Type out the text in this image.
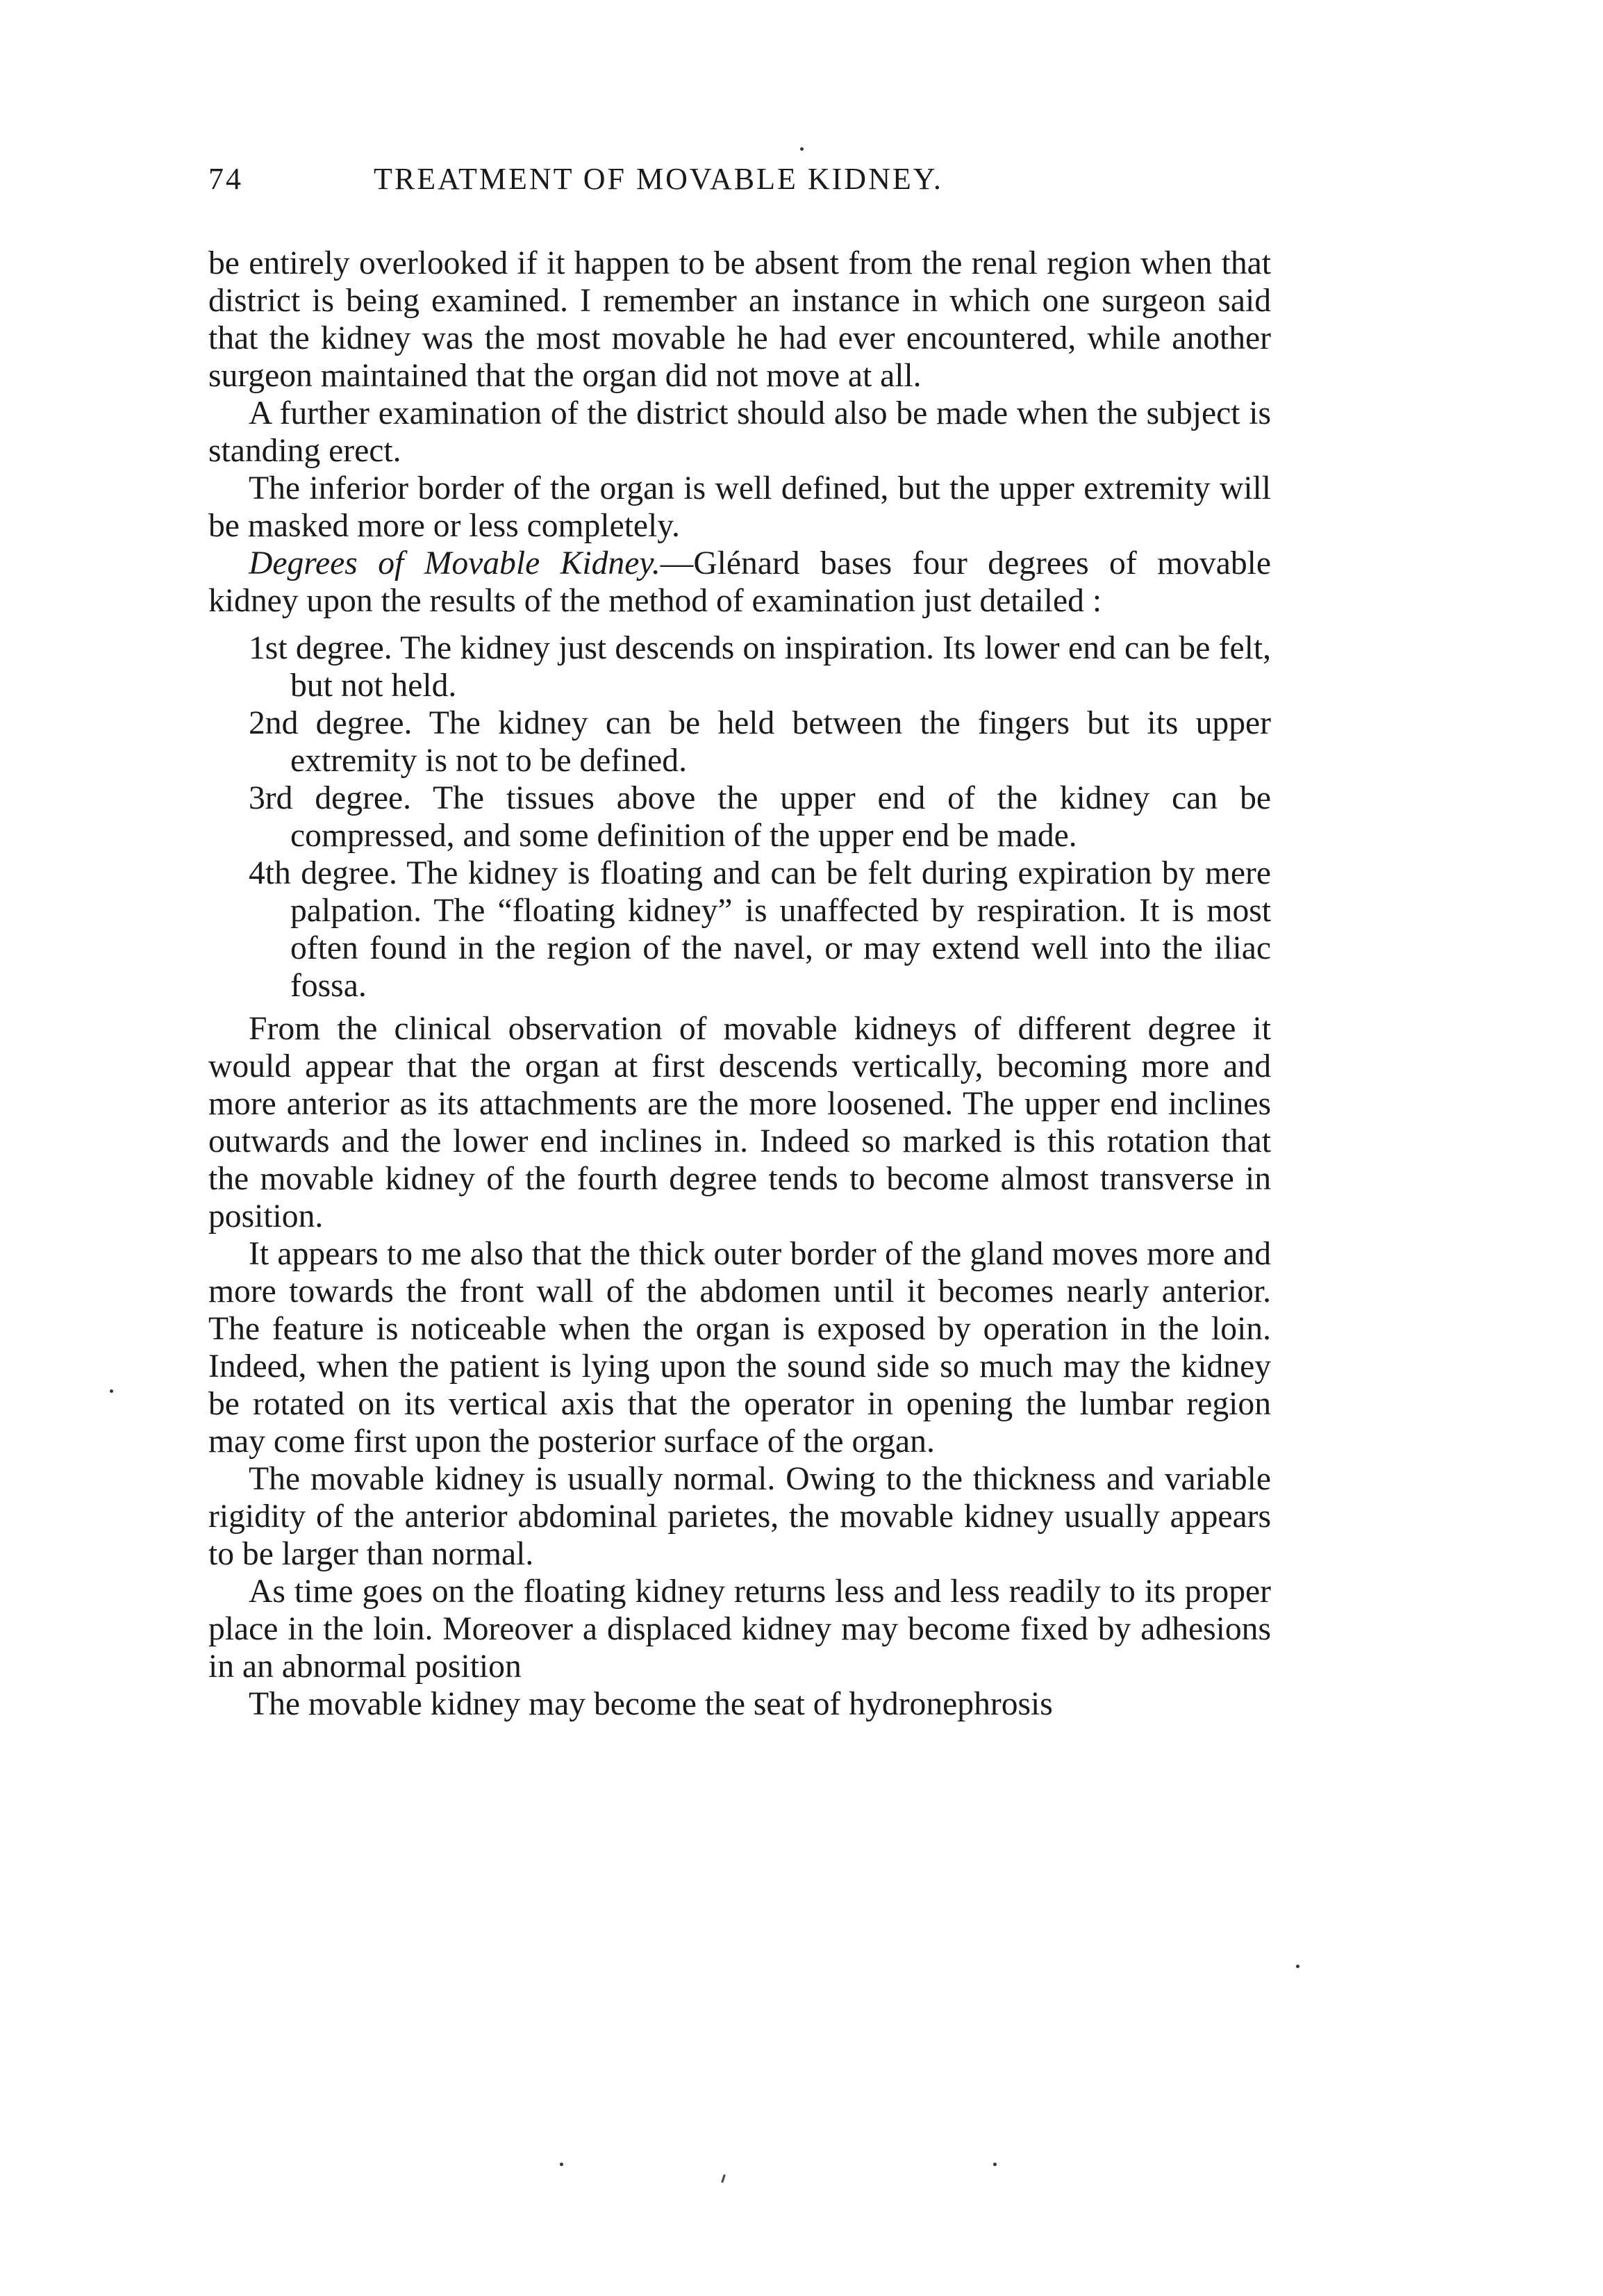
74	TREATMENT OF MOVABLE KIDNEY.

be entirely overlooked if it happen to be absent from the renal region when that district is being examined. I remember an instance in which one surgeon said that the kidney was the most movable he had ever encountered, while another surgeon maintained that the organ did not move at all.

A further examination of the district should also be made when the subject is standing erect.

The inferior border of the organ is well defined, but the upper extremity will be masked more or less completely.

Degrees of Movable Kidney.—Glénard bases four degrees of movable kidney upon the results of the method of examination just detailed :

1st degree. The kidney just descends on inspiration. Its lower end can be felt, but not held.
2nd degree. The kidney can be held between the fingers but its upper extremity is not to be defined.
3rd degree. The tissues above the upper end of the kidney can be compressed, and some definition of the upper end be made.
4th degree. The kidney is floating and can be felt during expiration by mere palpation. The “floating kidney” is unaffected by respiration. It is most often found in the region of the navel, or may extend well into the iliac fossa.

From the clinical observation of movable kidneys of different degree it would appear that the organ at first descends vertically, becoming more and more anterior as its attachments are the more loosened. The upper end inclines outwards and the lower end inclines in. Indeed so marked is this rotation that the movable kidney of the fourth degree tends to become almost transverse in position.

It appears to me also that the thick outer border of the gland moves more and more towards the front wall of the abdomen until it becomes nearly anterior. The feature is noticeable when the organ is exposed by operation in the loin. Indeed, when the patient is lying upon the sound side so much may the kidney be rotated on its vertical axis that the operator in opening the lumbar region may come first upon the posterior surface of the organ.

The movable kidney is usually normal. Owing to the thickness and variable rigidity of the anterior abdominal parietes, the movable kidney usually appears to be larger than normal.

As time goes on the floating kidney returns less and less readily to its proper place in the loin. Moreover a displaced kidney may become fixed by adhesions in an abnormal position

The movable kidney may become the seat of hydronephrosis
